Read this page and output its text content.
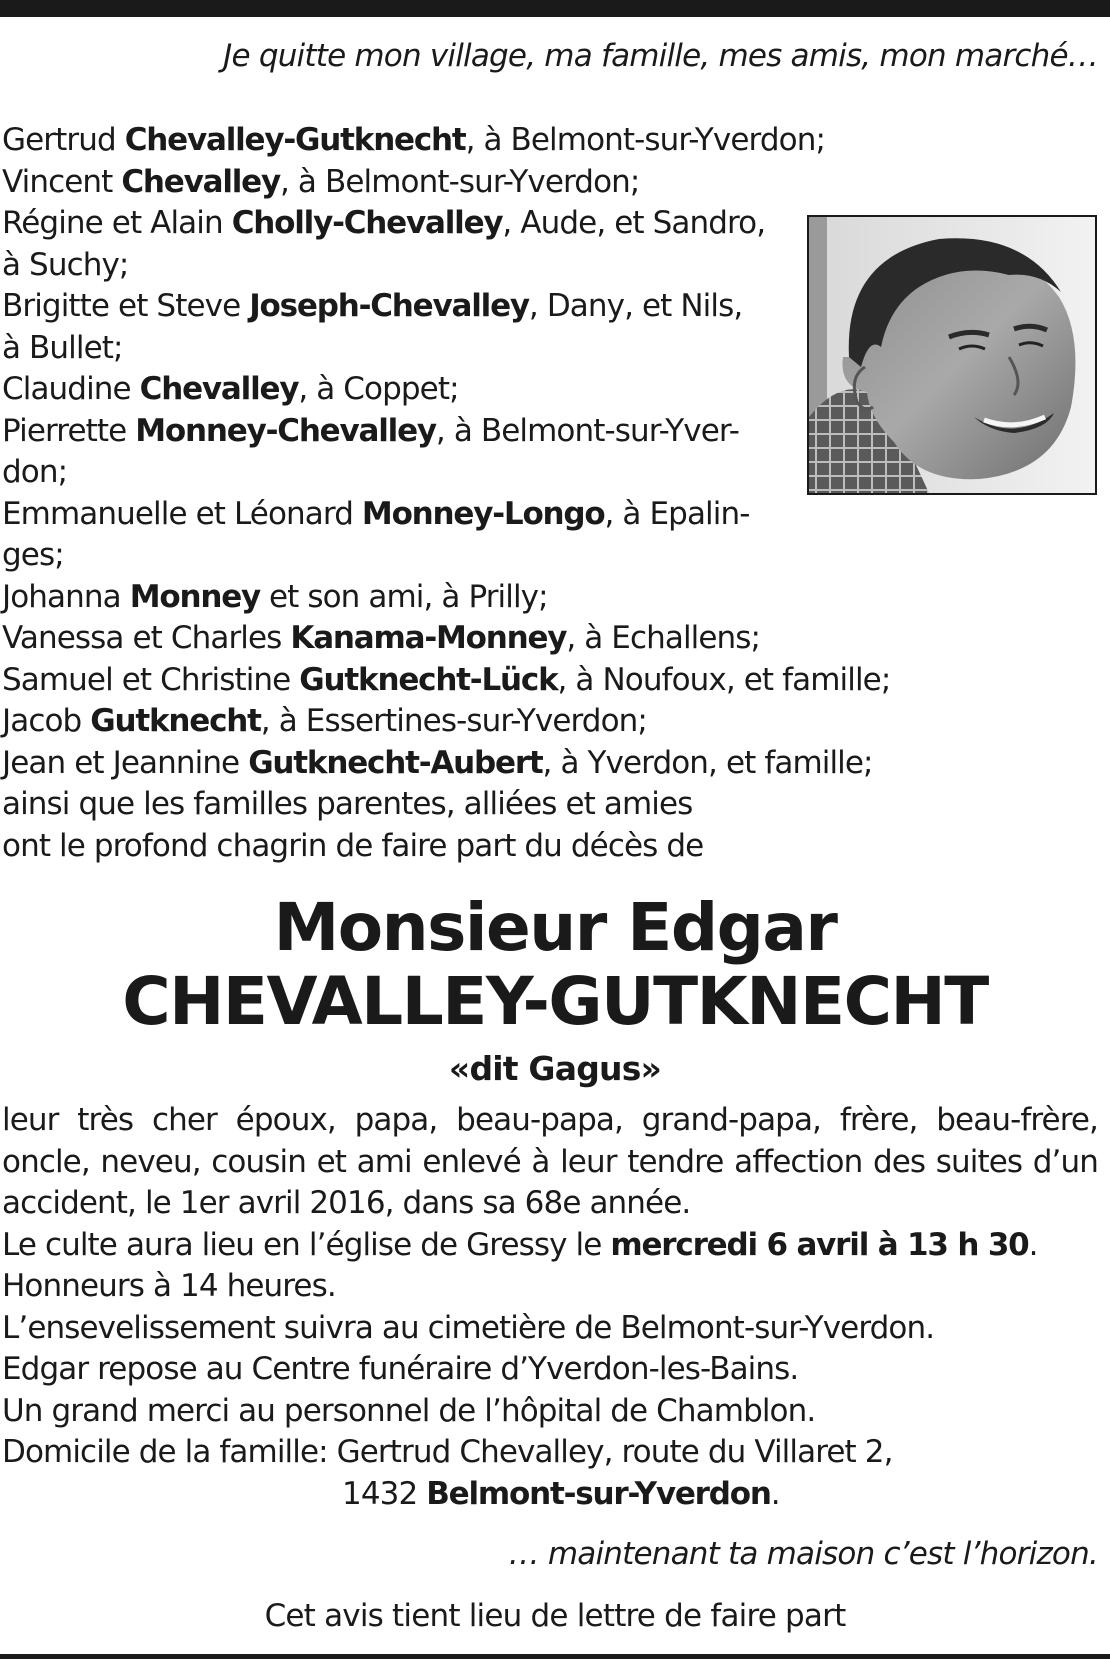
Je quitte mon village, ma famille, mes amis, mon marché…
Gertrud Chevalley-Gutknecht, à Belmont-sur-Yverdon;
Vincent Chevalley, à Belmont-sur-Yverdon;
Régine et Alain Cholly-Chevalley, Aude, et Sandro,
à Suchy;
Brigitte et Steve Joseph-Chevalley, Dany, et Nils,
à Bullet;
Claudine Chevalley, à Coppet;
Pierrette Monney-Chevalley, à Belmont-sur-Yver-
don;
Emmanuelle et Léonard Monney-Longo, à Epalin-
ges;
Johanna Monney et son ami, à Prilly;
Vanessa et Charles Kanama-Monney, à Echallens;
Samuel et Christine Gutknecht-Lück, à Noufoux, et famille;
Jacob Gutknecht, à Essertines-sur-Yverdon;
Jean et Jeannine Gutknecht-Aubert, à Yverdon, et famille;
ainsi que les familles parentes, alliées et amies
ont le profond chagrin de faire part du décès de
Monsieur Edgar
CHEVALLEY-GUTKNECHT
«dit Gagus»
leur très cher époux, papa, beau-papa, grand-papa, frère, beau-frère,
oncle, neveu, cousin et ami enlevé à leur tendre affection des suites d’un
accident, le 1er avril 2016, dans sa 68e année.
Le culte aura lieu en l’église de Gressy le mercredi 6 avril à 13 h 30.
Honneurs à 14 heures.
L’ensevelissement suivra au cimetière de Belmont-sur-Yverdon.
Edgar repose au Centre funéraire d’Yverdon-les-Bains.
Un grand merci au personnel de l’hôpital de Chamblon.
Domicile de la famille: Gertrud Chevalley, route du Villaret 2,
1432 Belmont-sur-Yverdon.
… maintenant ta maison c’est l’horizon.
Cet avis tient lieu de lettre de faire part
